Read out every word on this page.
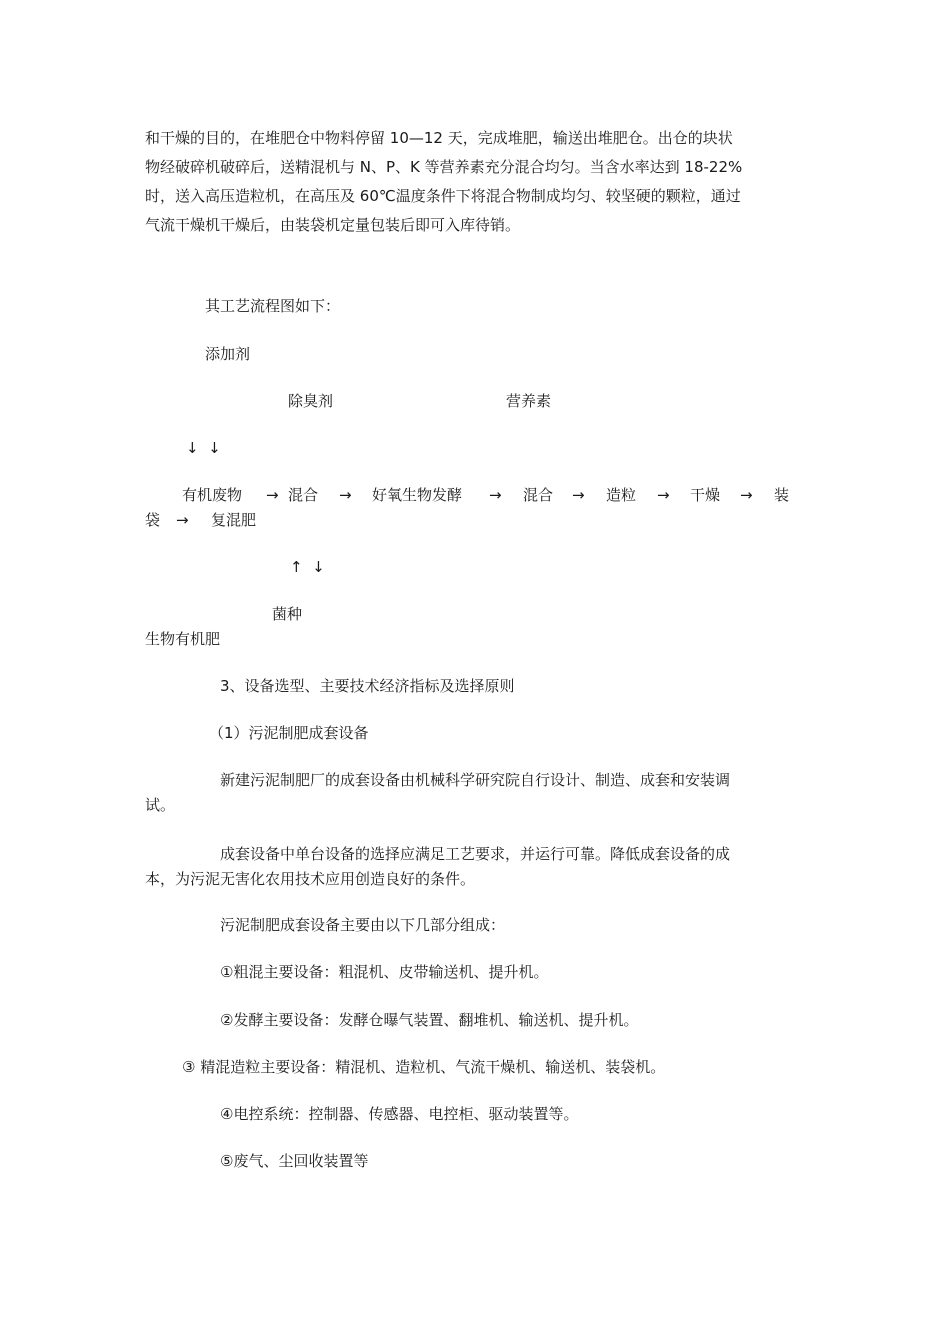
和干燥的目的，在堆肥仓中物料停留 10—12 天，完成堆肥，输送出堆肥仓。出仓的块状
物经破碎机破碎后，送精混机与 N、P、K 等营养素充分混合均匀。当含水率达到 18-22%
时，送入高压造粒机，在高压及 60℃温度条件下将混合物制成均匀、较坚硬的颗粒，通过
气流干燥机干燥后，由装袋机定量包装后即可入库待销。
其工艺流程图如下：
添加剂
除臭剂	营养素
↓  ↓
有机废物 → 混合 → 好氧生物发酵 → 混合 → 造粒 → 干燥 → 装
袋 → 复混肥
↑  ↓
菌种
生物有机肥
3、设备选型、主要技术经济指标及选择原则
（1）污泥制肥成套设备
新建污泥制肥厂的成套设备由机械科学研究院自行设计、制造、成套和安装调
试。
成套设备中单台设备的选择应满足工艺要求，并运行可靠。降低成套设备的成
本，为污泥无害化农用技术应用创造良好的条件。
污泥制肥成套设备主要由以下几部分组成：
①粗混主要设备：粗混机、皮带输送机、提升机。
②发酵主要设备：发酵仓曝气装置、翻堆机、输送机、提升机。
③ 精混造粒主要设备：精混机、造粒机、气流干燥机、输送机、装袋机。
④电控系统：控制器、传感器、电控柜、驱动装置等。
⑤废气、尘回收装置等
